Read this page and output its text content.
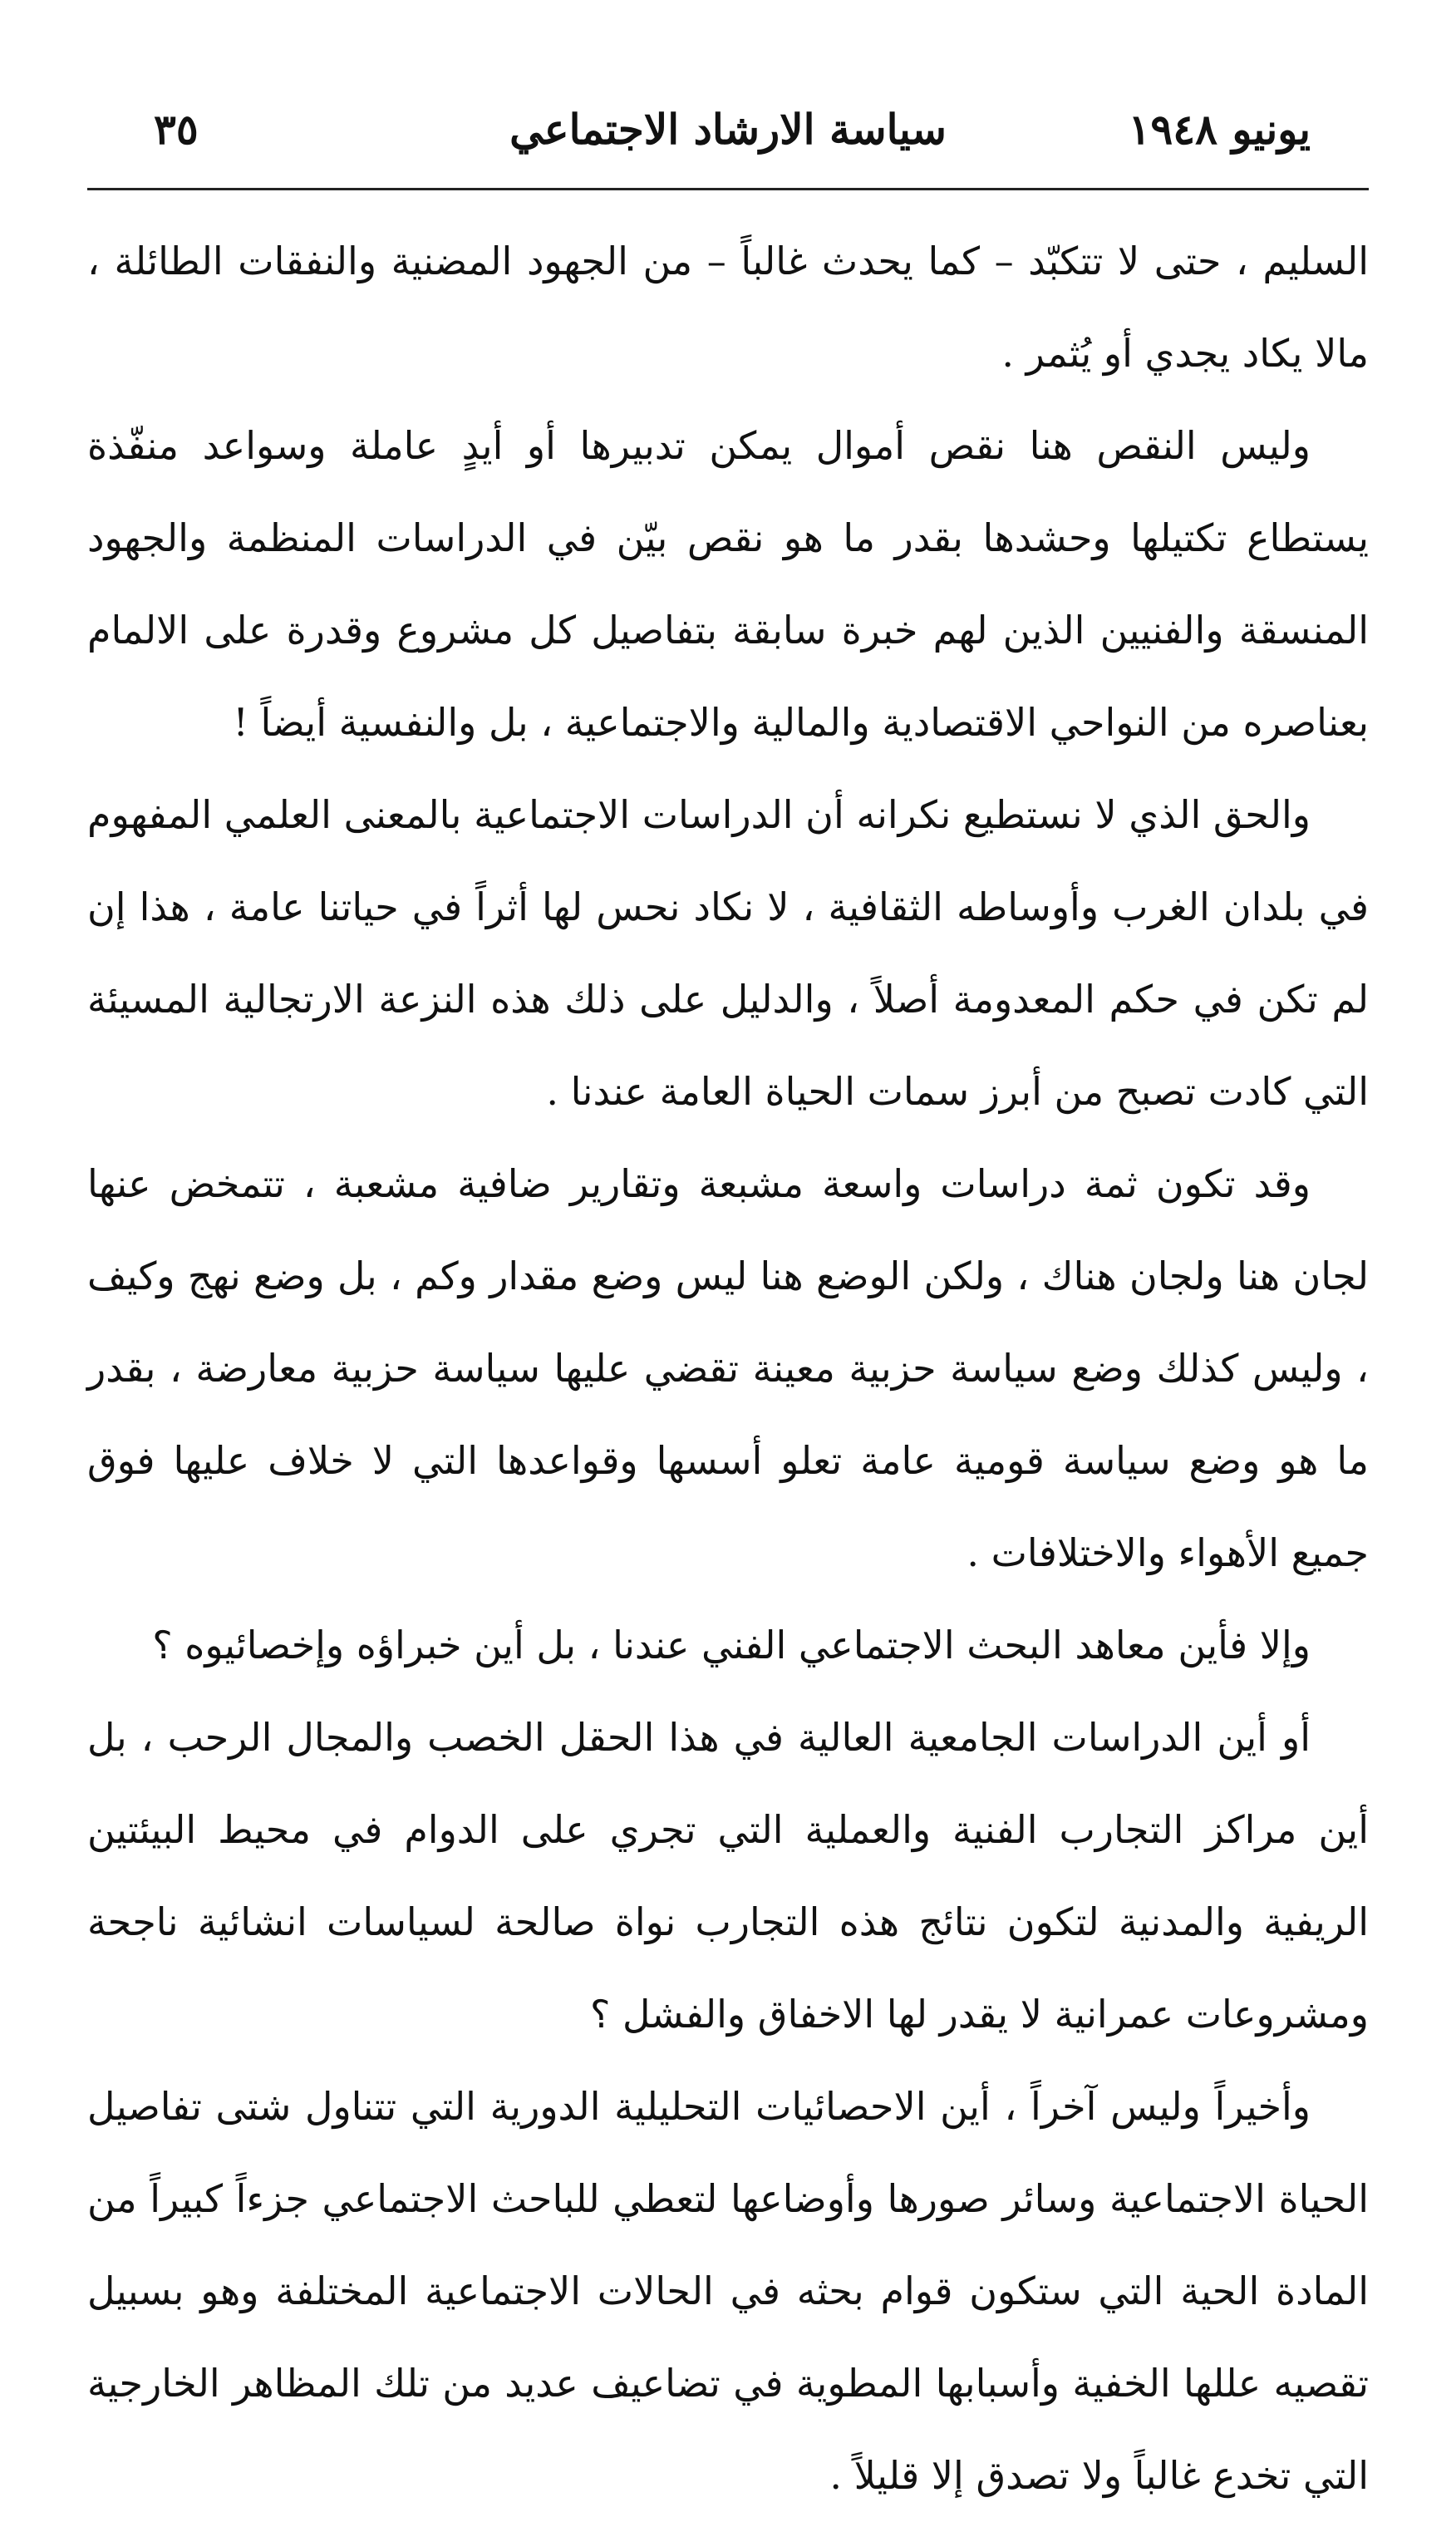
يونيو ١٩٤٨
سياسة الارشاد الاجتماعي
٣٥

السليم ، حتى لا تتكبّد – كما يحدث غالباً – من الجهود المضنية والنفقات الطائلة ، مالا يكاد يجدي أو يُثمر .

وليس النقص هنا نقص أموال يمكن تدبيرها أو أيدٍ عاملة وسواعد منفّذة يستطاع تكتيلها وحشدها بقدر ما هو نقص بيّن في الدراسات المنظمة والجهود المنسقة والفنيين الذين لهم خبرة سابقة بتفاصيل كل مشروع وقدرة على الالمام بعناصره من النواحي الاقتصادية والمالية والاجتماعية ، بل والنفسية أيضاً !

والحق الذي لا نستطيع نكرانه أن الدراسات الاجتماعية بالمعنى العلمي المفهوم في بلدان الغرب وأوساطه الثقافية ، لا نكاد نحس لها أثراً في حياتنا عامة ، هذا إن لم تكن في حكم المعدومة أصلاً ، والدليل على ذلك هذه النزعة الارتجالية المسيئة التي كادت تصبح من أبرز سمات الحياة العامة عندنا .

وقد تكون ثمة دراسات واسعة مشبعة وتقارير ضافية مشعبة ، تتمخض عنها لجان هنا ولجان هناك ، ولكن الوضع هنا ليس وضع مقدار وكم ، بل وضع نهج وكيف ، وليس كذلك وضع سياسة حزبية معينة تقضي عليها سياسة حزبية معارضة ، بقدر ما هو وضع سياسة قومية عامة تعلو أسسها وقواعدها التي لا خلاف عليها فوق جميع الأهواء والاختلافات .

وإلا فأين معاهد البحث الاجتماعي الفني عندنا ، بل أين خبراؤه وإخصائيوه ؟

أو أين الدراسات الجامعية العالية في هذا الحقل الخصب والمجال الرحب ، بل أين مراكز التجارب الفنية والعملية التي تجري على الدوام في محيط البيئتين الريفية والمدنية لتكون نتائج هذه التجارب نواة صالحة لسياسات انشائية ناجحة ومشروعات عمرانية لا يقدر لها الاخفاق والفشل ؟

وأخيراً وليس آخراً ، أين الاحصائيات التحليلية الدورية التي تتناول شتى تفاصيل الحياة الاجتماعية وسائر صورها وأوضاعها لتعطي للباحث الاجتماعي جزءاً كبيراً من المادة الحية التي ستكون قوام بحثه في الحالات الاجتماعية المختلفة وهو بسبيل تقصيه عللها الخفية وأسبابها المطوية في تضاعيف عديد من تلك المظاهر الخارجية التي تخدع غالباً ولا تصدق إلا قليلاً .
